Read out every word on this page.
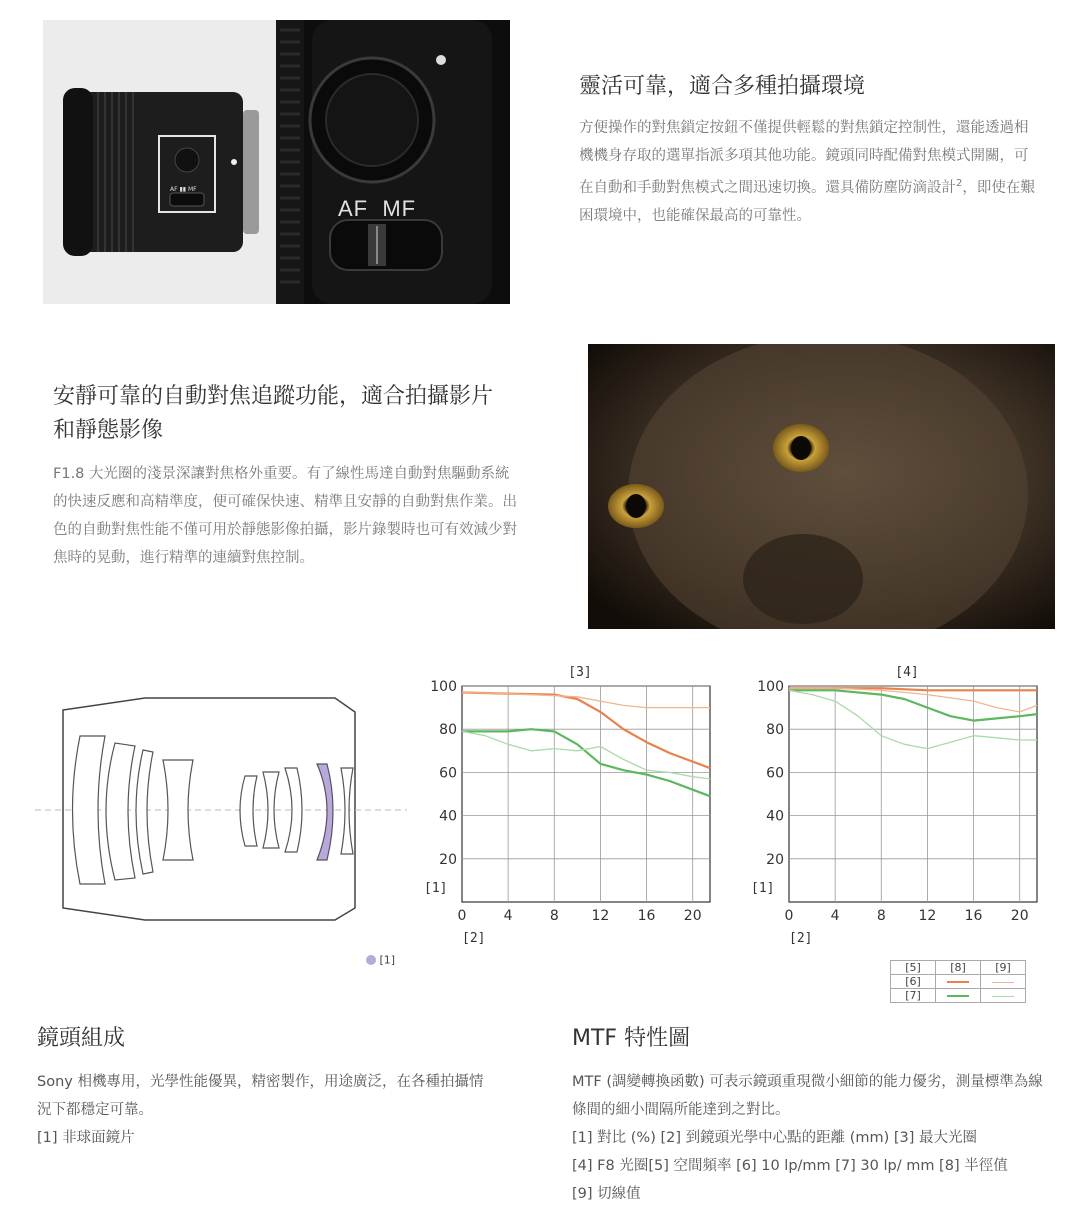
AF ▮▮ MF
AF  MF
靈活可靠，適合多種拍攝環境
方便操作的對焦鎖定按鈕不僅提供輕鬆的對焦鎖定控制性，還能透過相機機身存取的選單指派多項其他功能。鏡頭同時配備對焦模式開關，可在自動和手動對焦模式之間迅速切換。還具備防塵防滴設計$^2$，即使在艱困環境中，也能確保最高的可靠性。
安靜可靠的自動對焦追蹤功能，適合拍攝影片和靜態影像
F1.8 大光圈的淺景深讓對焦格外重要。有了線性馬達自動對焦驅動系統的快速反應和高精準度，便可確保快速、精準且安靜的自動對焦作業。出色的自動對焦性能不僅可用於靜態影像拍攝，影片錄製時也可有效減少對焦時的晃動，進行精準的連續對焦控制。
[1]
20
40
60
80
100
0	4	8 12 16 20
[3]
[1]
[2]
20
40
60
80
100
0	4	8 12 16 20
[4]
[1]
[2]
[5]	[8]	[9]
[6]		
[7]		
鏡頭組成
Sony 相機專用，光學性能優異，精密製作，用途廣泛，在各種拍攝情況下都穩定可靠。
[1] 非球面鏡片
MTF 特性圖
MTF (調變轉換函數) 可表示鏡頭重現微小細節的能力優劣，測量標準為線條間的細小間隔所能達到之對比。
[1] 對比 (%) [2] 到鏡頭光學中心點的距離 (mm) [3] 最大光圈
[4] F8 光圈[5] 空間頻率 [6] 10 lp/mm [7] 30 lp/ mm [8] 半徑值
[9] 切線值
